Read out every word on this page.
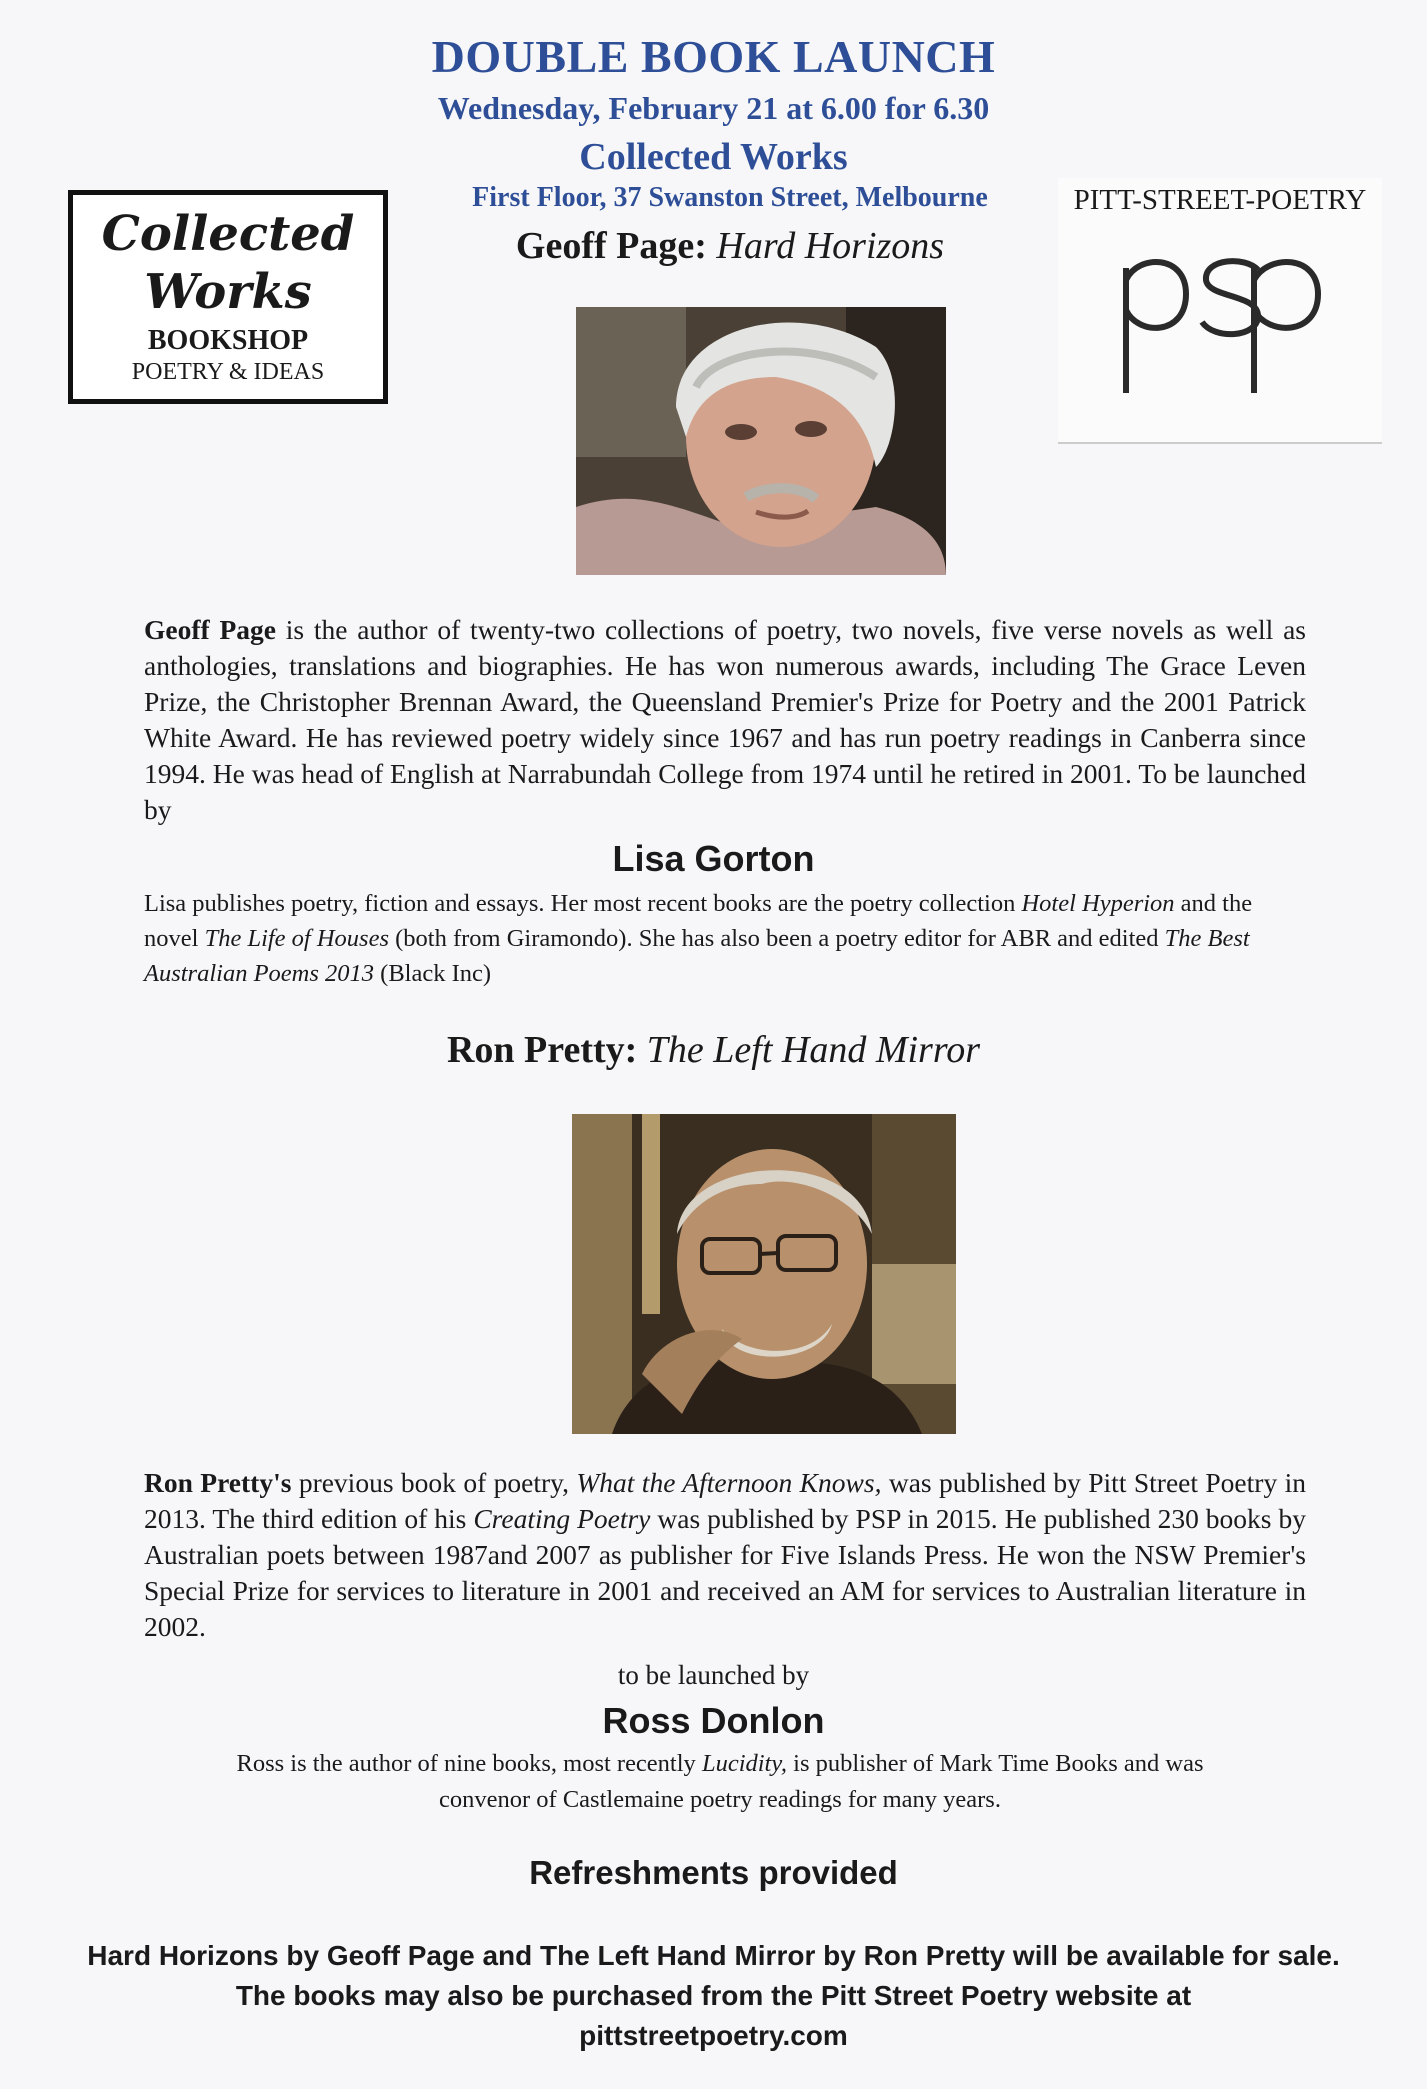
DOUBLE BOOK LAUNCH
Wednesday, February 21 at 6.00 for 6.30
Collected Works
First Floor, 37 Swanston Street, Melbourne
Collected
Works
BOOKSHOP
POETRY & IDEAS
PITT-STREET-POETRY
Geoff Page: Hard Horizons
Geoff Page is the author of twenty-two collections of poetry, two novels, five verse novels as well as anthologies, translations and biographies. He has won numerous awards, including The Grace Leven Prize, the Christopher Brennan Award, the Queensland Premier's Prize for Poetry and the 2001 Patrick White Award. He has reviewed poetry widely since 1967 and has run poetry readings in Canberra since 1994. He was head of English at Narrabundah College from 1974 until he retired in 2001. To be launched by
Lisa Gorton
Lisa publishes poetry, fiction and essays. Her most recent books are the poetry collection Hotel Hyperion and the novel The Life of Houses (both from Giramondo). She has also been a poetry editor for ABR and edited The Best Australian Poems 2013 (Black Inc)
Ron Pretty: The Left Hand Mirror
Ron Pretty's previous book of poetry, What the Afternoon Knows, was published by Pitt Street Poetry in 2013. The third edition of his Creating Poetry was published by PSP in 2015. He published 230 books by Australian poets between 1987and 2007 as publisher for Five Islands Press. He won the NSW Premier's Special Prize for services to literature in 2001 and received an AM for services to Australian literature in 2002.
to be launched by
Ross Donlon
Ross is the author of nine books, most recently Lucidity, is publisher of Mark Time Books and was convenor of Castlemaine poetry readings for many years.
Refreshments provided
Hard Horizons by Geoff Page and The Left Hand Mirror by Ron Pretty will be available for sale. The books may also be purchased from the Pitt Street Poetry website at
pittstreetpoetry.com
